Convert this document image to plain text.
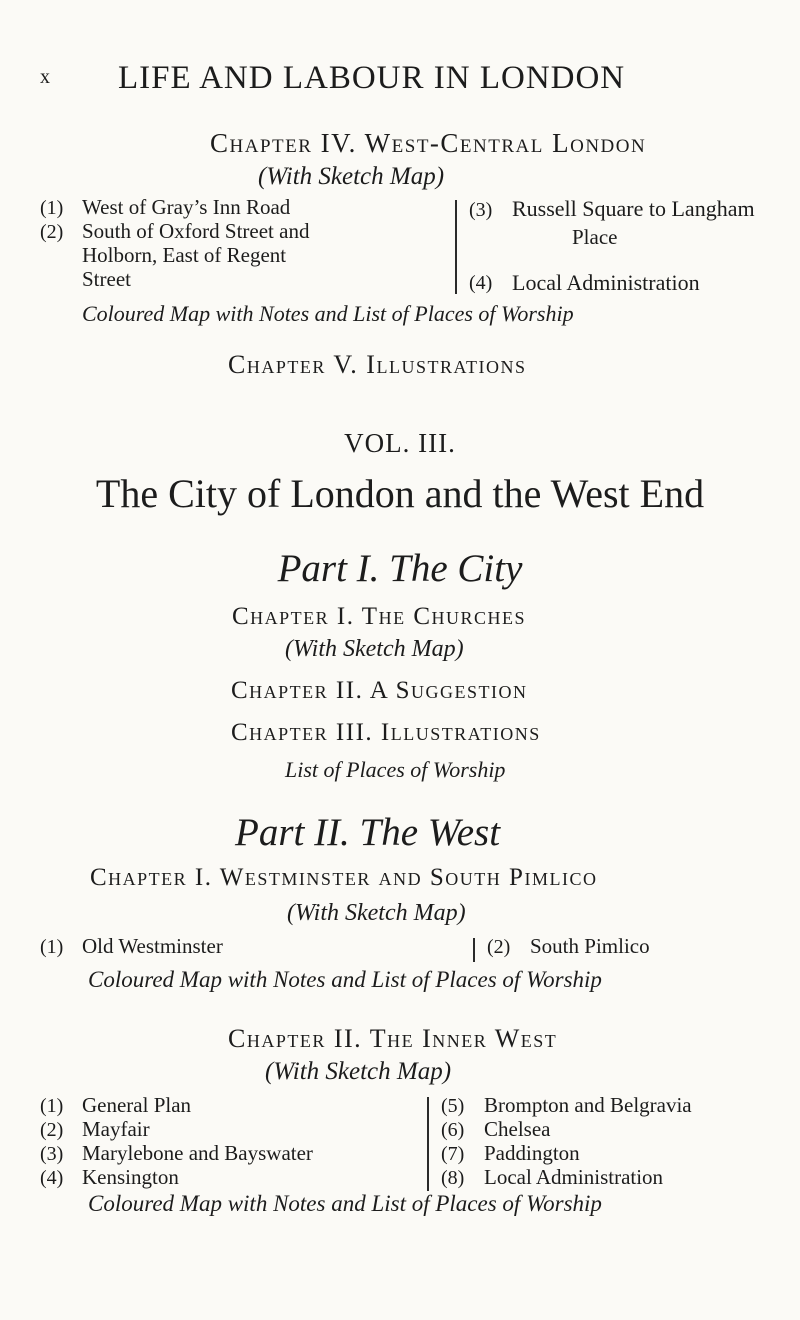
x LIFE AND LABOUR IN LONDON
Chapter IV. West-Central London
(With Sketch Map)
(1) West of Gray’s Inn Road
(2) South of Oxford Street and
Holborn, East of Regent
Street
(3) Russell Square to Langham
Place
(4) Local Administration
Coloured Map with Notes and List of Places of Worship
Chapter V. Illustrations
VOL. III.
The City of London and the West End
Part I. The City
Chapter I. The Churches
(With Sketch Map)
Chapter II. A Suggestion
Chapter III. Illustrations
List of Places of Worship
Part II. The West
Chapter I. Westminster and South Pimlico
(With Sketch Map)
(1) Old Westminster	(2) South Pimlico
Coloured Map with Notes and List of Places of Worship
Chapter II. The Inner West
(With Sketch Map)
(1) General Plan
(2) Mayfair
(3) Marylebone and Bayswater
(4) Kensington
(5) Brompton and Belgravia
(6) Chelsea
(7) Paddington
(8) Local Administration
Coloured Map with Notes and List of Places of Worship
